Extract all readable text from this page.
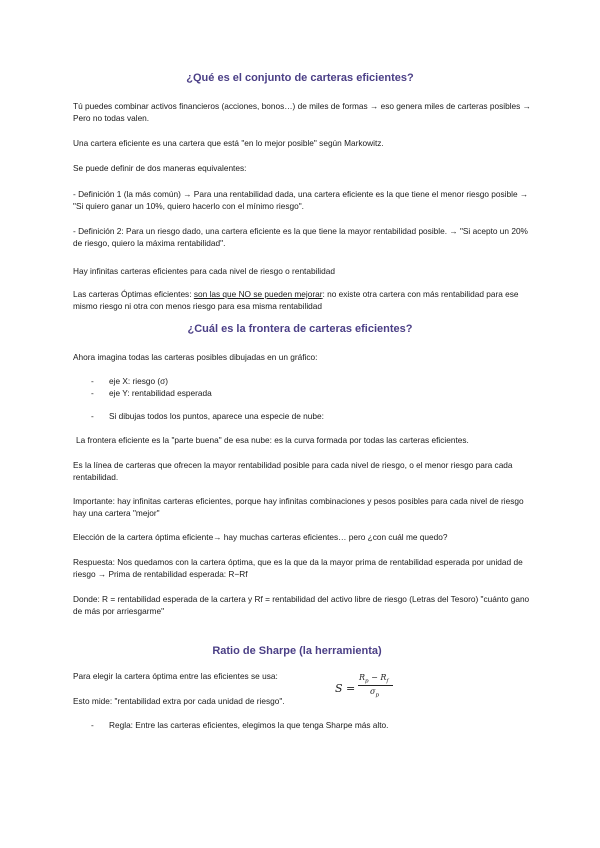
¿Qué es el conjunto de carteras eficientes?

Tú puedes combinar activos financieros (acciones, bonos…) de miles de formas → eso genera miles de carteras posibles → Pero no todas valen.

Una cartera eficiente es una cartera que está "en lo mejor posible" según Markowitz.

Se puede definir de dos maneras equivalentes:

- Definición 1 (la más común) → Para una rentabilidad dada, una cartera eficiente es la que tiene el menor riesgo posible → "Si quiero ganar un 10%, quiero hacerlo con el mínimo riesgo".

- Definición 2: Para un riesgo dado, una cartera eficiente es la que tiene la mayor rentabilidad posible. → "Si acepto un 20% de riesgo, quiero la máxima rentabilidad".

Hay infinitas carteras eficientes para cada nivel de riesgo o rentabilidad

Las carteras Óptimas eficientes: son las que NO se pueden mejorar: no existe otra cartera con más rentabilidad para ese mismo riesgo ni otra con menos riesgo para esa misma rentabilidad

¿Cuál es la frontera de carteras eficientes?

Ahora imagina todas las carteras posibles dibujadas en un gráfico:

- eje X: riesgo (σ)
- eje Y: rentabilidad esperada
- Si dibujas todos los puntos, aparece una especie de nube:

La frontera eficiente es la "parte buena" de esa nube: es la curva formada por todas las carteras eficientes.

Es la línea de carteras que ofrecen la mayor rentabilidad posible para cada nivel de riesgo, o el menor riesgo para cada rentabilidad.

Importante: hay infinitas carteras eficientes, porque hay infinitas combinaciones y pesos posibles para cada nivel de riesgo hay una cartera "mejor"

Elección de la cartera óptima eficiente→ hay muchas carteras eficientes… pero ¿con cuál me quedo?

Respuesta: Nos quedamos con la cartera óptima, que es la que da la mayor prima de rentabilidad esperada por unidad de riesgo → Prima de rentabilidad esperada: R−Rf

Donde: R = rentabilidad esperada de la cartera y Rf = rentabilidad del activo libre de riesgo (Letras del Tesoro) "cuánto gano de más por arriesgarme"

Ratio de Sharpe (la herramienta)

Para elegir la cartera óptima entre las eficientes se usa:

Esto mide: "rentabilidad extra por cada unidad de riesgo".

S =
$R_p - R_f$
$\sigma_p$
- Regla: Entre las carteras eficientes, elegimos la que tenga Sharpe más alto.
